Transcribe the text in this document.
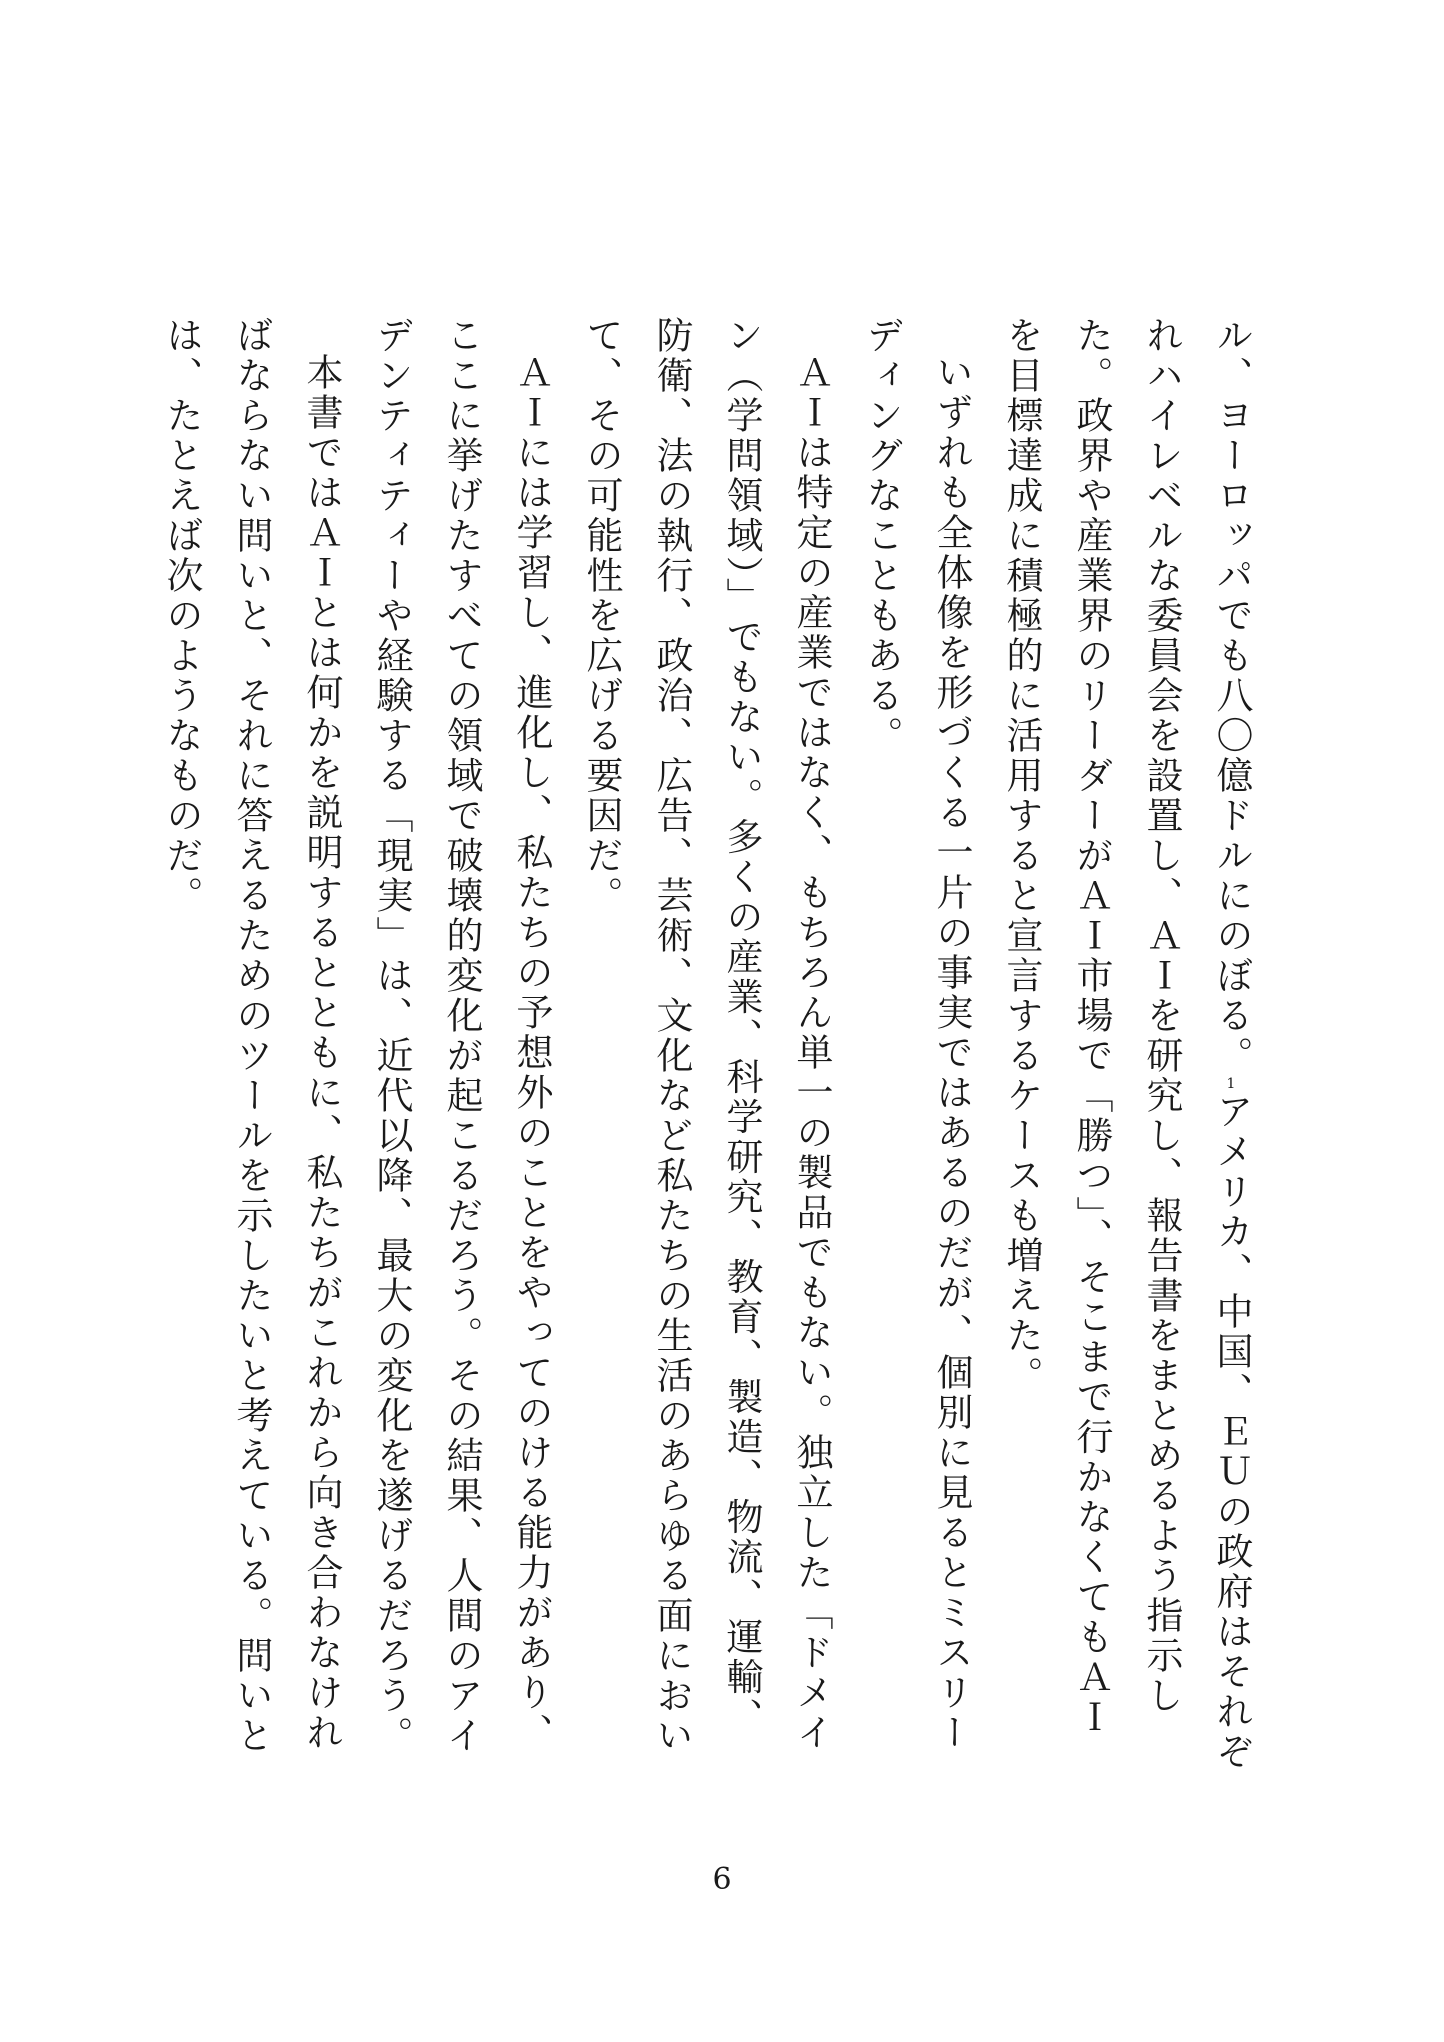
ル、ヨーロッパでも八〇億ドルにのぼる。$^1$アメリカ、中国、ＥＵの政府はそれぞれハイレベルな委員会を設置し、ＡＩを研究し、報告書をまとめるよう指示した。政界や産業界のリーダーがＡＩ市場で「勝つ」、そこまで行かなくてもＡＩを目標達成に積極的に活用すると宣言するケースも増えた。

いずれも全体像を形づくる一片の事実ではあるのだが、個別に見るとミスリーディングなこともある。

ＡＩは特定の産業ではなく、もちろん単一の製品でもない。独立した「ドメイン（学問領域）」でもない。多くの産業、科学研究、教育、製造、物流、運輸、防衛、法の執行、政治、広告、芸術、文化など私たちの生活のあらゆる面において、その可能性を広げる要因だ。

ＡＩには学習し、進化し、私たちの予想外のことをやってのける能力があり、ここに挙げたすべての領域で破壊的変化が起こるだろう。その結果、人間のアイデンティティーや経験する「現実」は、近代以降、最大の変化を遂げるだろう。

本書ではＡＩとは何かを説明するとともに、私たちがこれから向き合わなければならない問いと、それに答えるためのツールを示したいと考えている。問いとは、たとえば次のようなものだ。

6
